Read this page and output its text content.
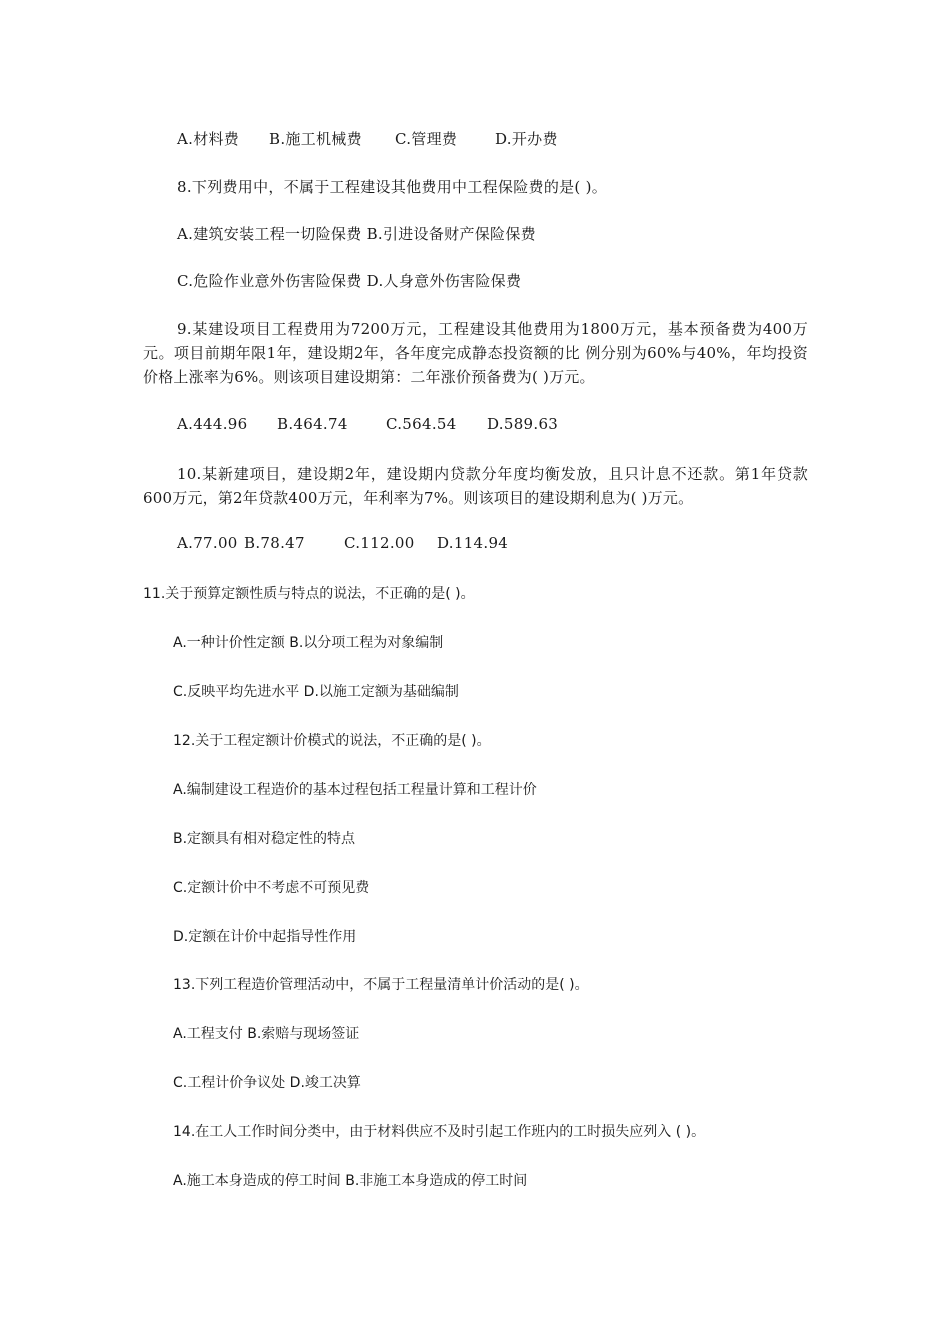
A.材料费 B.施工机械费 C.管理费	D.开办费

8.下列费用中，不属于工程建设其他费用中工程保险费的是( )。

A.建筑安装工程一切险保费 B.引进设备财产保险保费

C.危险作业意外伤害险保费 D.人身意外伤害险保费

9.某建设项目工程费用为7200万元，工程建设其他费用为1800万元，基本预备费为400万元。项目前期年限1年，建设期2年，各年度完成静态投资额的比 例分别为60%与40%，年均投资价格上涨率为6%。则该项目建设期第：二年涨价预备费为( )万元。

A.444.96 B.464.74	C.564.54 D.589.63

10.某新建项目，建设期2年，建设期内贷款分年度均衡发放，且只计息不还款。第1年贷款600万元，第2年贷款400万元，年利率为7%。则该项目的建设期利息为( )万元。

A.77.00 B.78.47	C.112.00 D.114.94

11.关于预算定额性质与特点的说法，不正确的是( )。

A.一种计价性定额 B.以分项工程为对象编制

C.反映平均先进水平 D.以施工定额为基础编制

12.关于工程定额计价模式的说法，不正确的是( )。

A.编制建设工程造价的基本过程包括工程量计算和工程计价

B.定额具有相对稳定性的特点

C.定额计价中不考虑不可预见费

D.定额在计价中起指导性作用

13.下列工程造价管理活动中，不属于工程量清单计价活动的是( )。

A.工程支付 B.索赔与现场签证

C.工程计价争议处 D.竣工决算

14.在工人工作时间分类中，由于材料供应不及时引起工作班内的工时损失应列入 ( )。

A.施工本身造成的停工时间 B.非施工本身造成的停工时间
